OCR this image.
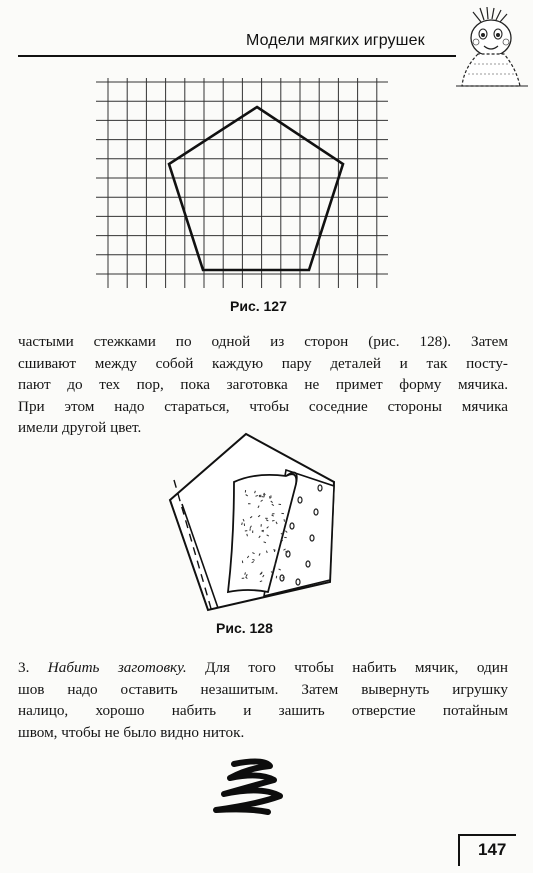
Модели мягких игрушек
Рис. 127
частыми стежками по одной из сторон (рис. 128). Затем
сшивают между собой каждую пару деталей и так посту-
пают до тех пор, пока заготовка не примет форму мячика.
При этом надо стараться, чтобы соседние стороны мячика
имели другой цвет.
Рис. 128
3. Набить заготовку. Для того чтобы набить мячик, один
шов надо оставить незашитым. Затем вывернуть игрушку
налицо, хорошо набить и зашить отверстие потайным
швом, чтобы не было видно ниток.
147
